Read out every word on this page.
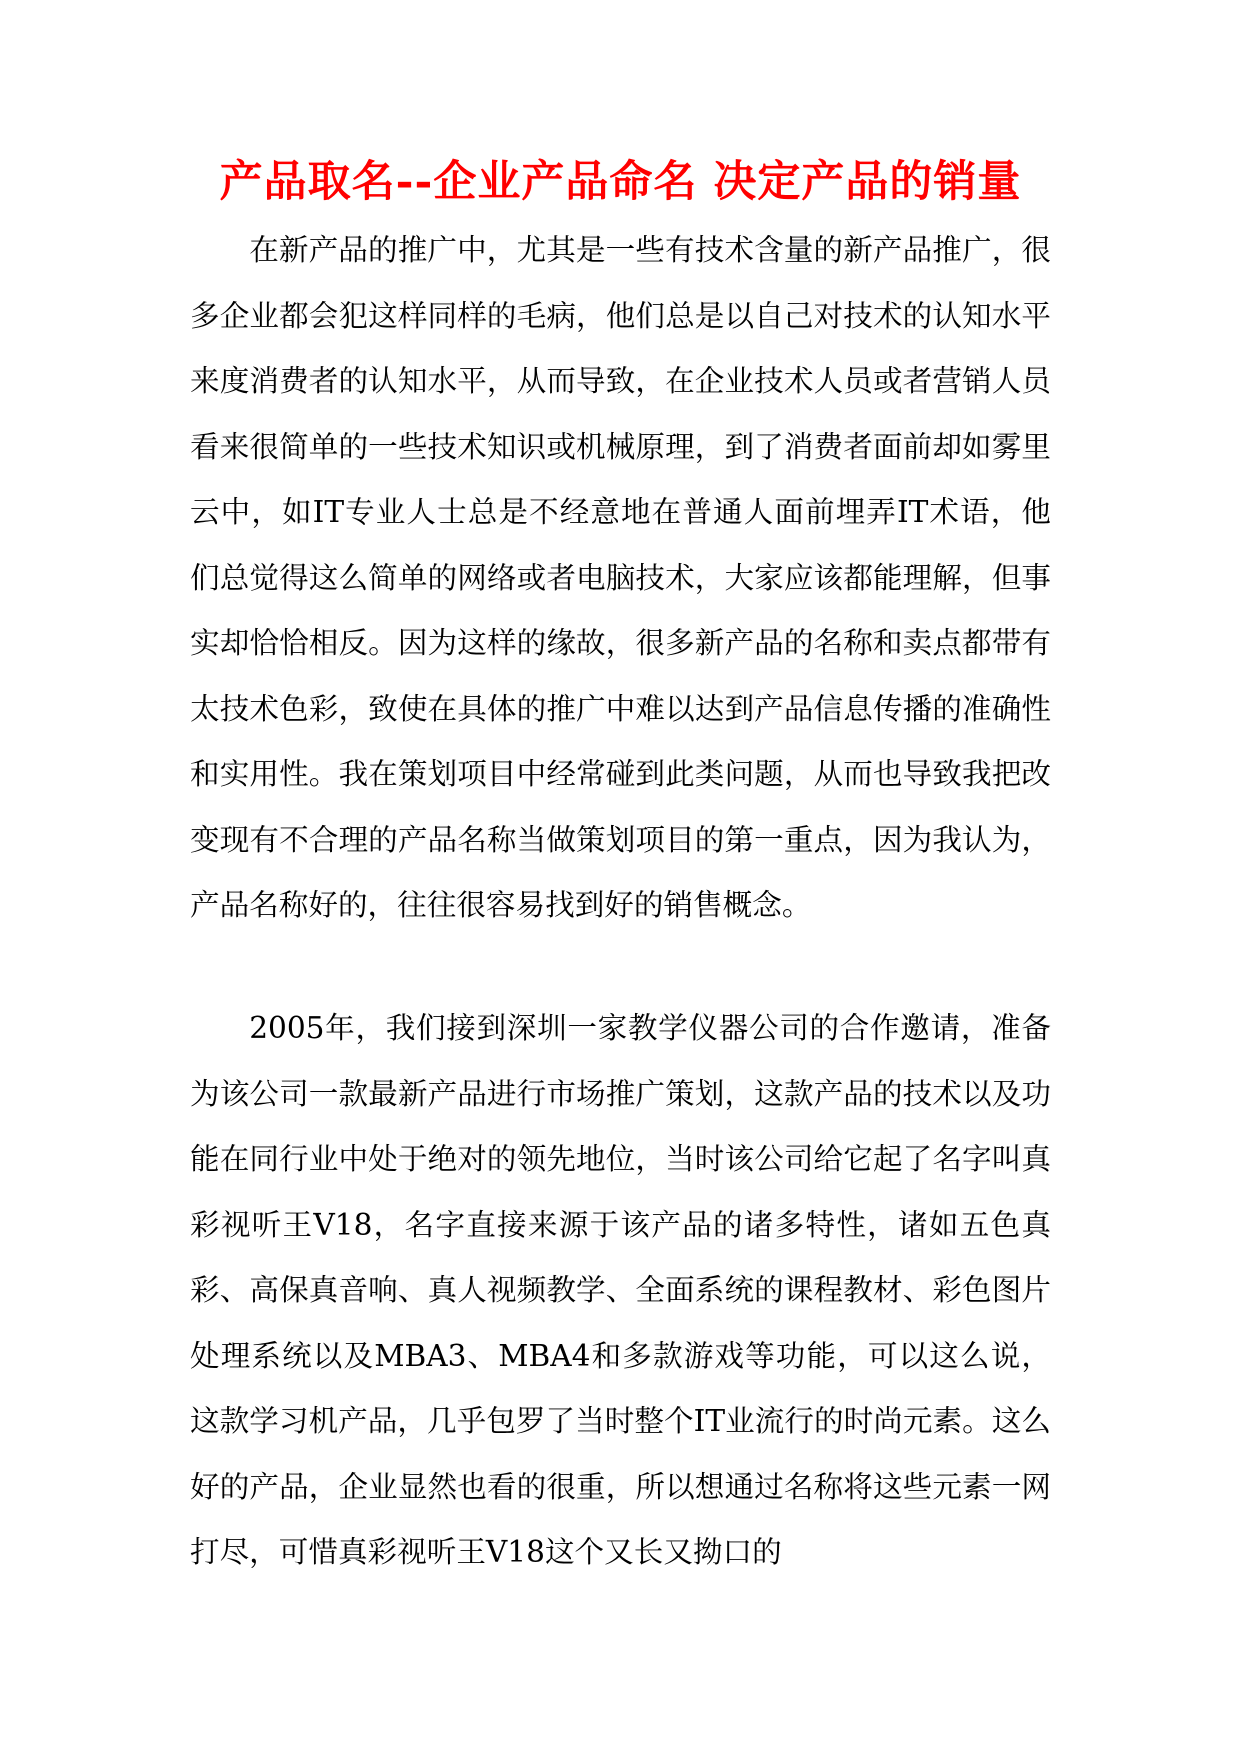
产品取名--企业产品命名 决定产品的销量

在新产品的推广中，尤其是一些有技术含量的新产品推广，很多企业都会犯这样同样的毛病，他们总是以自己对技术的认知水平来度消费者的认知水平，从而导致，在企业技术人员或者营销人员看来很简单的一些技术知识或机械原理，到了消费者面前却如雾里云中，如IT专业人士总是不经意地在普通人面前埋弄IT术语，他们总觉得这么简单的网络或者电脑技术，大家应该都能理解，但事实却恰恰相反。因为这样的缘故，很多新产品的名称和卖点都带有太技术色彩，致使在具体的推广中难以达到产品信息传播的准确性和实用性。我在策划项目中经常碰到此类问题，从而也导致我把改变现有不合理的产品名称当做策划项目的第一重点，因为我认为，产品名称好的，往往很容易找到好的销售概念。

2005年，我们接到深圳一家教学仪器公司的合作邀请，准备为该公司一款最新产品进行市场推广策划，这款产品的技术以及功能在同行业中处于绝对的领先地位，当时该公司给它起了名字叫真彩视听王V18，名字直接来源于该产品的诸多特性，诸如五色真彩、高保真音响、真人视频教学、全面系统的课程教材、彩色图片处理系统以及MBA3、MBA4和多款游戏等功能，可以这么说，这款学习机产品，几乎包罗了当时整个IT业流行的时尚元素。这么好的产品，企业显然也看的很重，所以想通过名称将这些元素一网打尽，可惜真彩视听王V18这个又长又拗口的
